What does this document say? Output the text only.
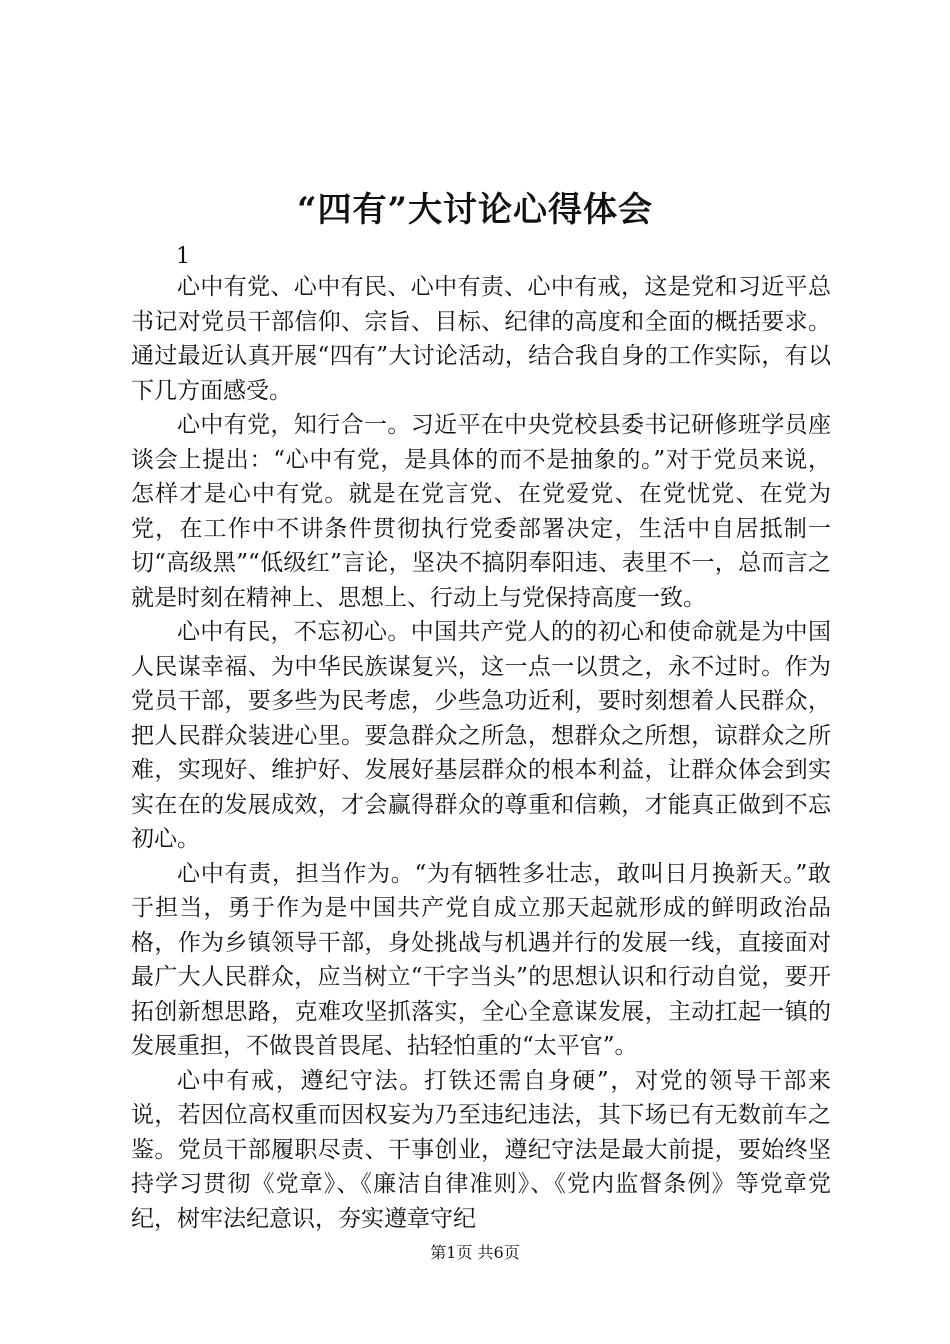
“四有”大讨论心得体会
1

心中有党、心中有民、心中有责、心中有戒，这是党和习近平总书记对党员干部信仰、宗旨、目标、纪律的高度和全面的概括要求。通过最近认真开展“四有”大讨论活动，结合我自身的工作实际，有以下几方面感受。

心中有党，知行合一。习近平在中央党校县委书记研修班学员座谈会上提出：“心中有党，是具体的而不是抽象的。”对于党员来说，怎样才是心中有党。就是在党言党、在党爱党、在党忧党、在党为党，在工作中不讲条件贯彻执行党委部署决定，生活中自居抵制一切“高级黑”“低级红”言论，坚决不搞阴奉阳违、表里不一，总而言之就是时刻在精神上、思想上、行动上与党保持高度一致。

心中有民，不忘初心。中国共产党人的的初心和使命就是为中国人民谋幸福、为中华民族谋复兴，这一点一以贯之，永不过时。作为党员干部，要多些为民考虑，少些急功近利，要时刻想着人民群众，把人民群众装进心里。要急群众之所急，想群众之所想，谅群众之所难，实现好、维护好、发展好基层群众的根本利益，让群众体会到实实在在的发展成效，才会赢得群众的尊重和信赖，才能真正做到不忘初心。

心中有责，担当作为。“为有牺牲多壮志，敢叫日月换新天。”敢于担当，勇于作为是中国共产党自成立那天起就形成的鲜明政治品格，作为乡镇领导干部，身处挑战与机遇并行的发展一线，直接面对最广大人民群众，应当树立“干字当头”的思想认识和行动自觉，要开拓创新想思路，克难攻坚抓落实，全心全意谋发展，主动扛起一镇的发展重担，不做畏首畏尾、拈轻怕重的“太平官”。

心中有戒，遵纪守法。打铁还需自身硬”，对党的领导干部来说，若因位高权重而因权妄为乃至违纪违法，其下场已有无数前车之鉴。党员干部履职尽责、干事创业，遵纪守法是最大前提，要始终坚持学习贯彻《党章》、《廉洁自律准则》、《党内监督条例》等党章党纪，树牢法纪意识，夯实遵章守纪

第1页 共6页
